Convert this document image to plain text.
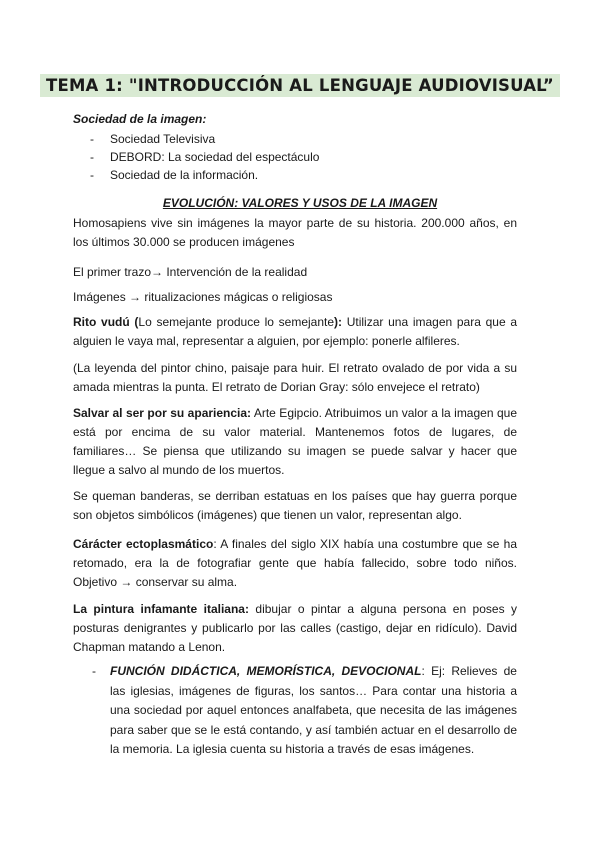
TEMA 1: "INTRODUCCIÓN AL LENGUAJE AUDIOVISUAL”
Sociedad de la imagen:
- Sociedad Televisiva
- DEBORD: La sociedad del espectáculo
- Sociedad de la información.
EVOLUCIÓN: VALORES Y USOS DE LA IMAGEN
Homosapiens vive sin imágenes la mayor parte de su historia. 200.000 años, en los últimos 30.000 se producen imágenes
El primer trazo→ Intervención de la realidad
Imágenes → ritualizaciones mágicas o religiosas
Rito vudú (Lo semejante produce lo semejante): Utilizar una imagen para que a alguien le vaya mal, representar a alguien, por ejemplo: ponerle alfileres.
(La leyenda del pintor chino, paisaje para huir. El retrato ovalado de por vida a su amada mientras la punta. El retrato de Dorian Gray: sólo envejece el retrato)
Salvar al ser por su apariencia: Arte Egipcio. Atribuimos un valor a la imagen que está por encima de su valor material. Mantenemos fotos de lugares, de familiares… Se piensa que utilizando su imagen se puede salvar y hacer que llegue a salvo al mundo de los muertos.
Se queman banderas, se derriban estatuas en los países que hay guerra porque son objetos simbólicos (imágenes) que tienen un valor, representan algo.
Cárácter ectoplasmático: A finales del siglo XIX había una costumbre que se ha retomado, era la de fotografiar gente que había fallecido, sobre todo niños. Objetivo → conservar su alma.
La pintura infamante italiana: dibujar o pintar a alguna persona en poses y posturas denigrantes y publicarlo por las calles (castigo, dejar en ridículo). David Chapman matando a Lenon.
- FUNCIÓN DIDÁCTICA, MEMORÍSTICA, DEVOCIONAL: Ej: Relieves de las iglesias, imágenes de figuras, los santos… Para contar una historia a una sociedad por aquel entonces analfabeta, que necesita de las imágenes para saber que se le está contando, y así también actuar en el desarrollo de la memoria. La iglesia cuenta su historia a través de esas imágenes.
